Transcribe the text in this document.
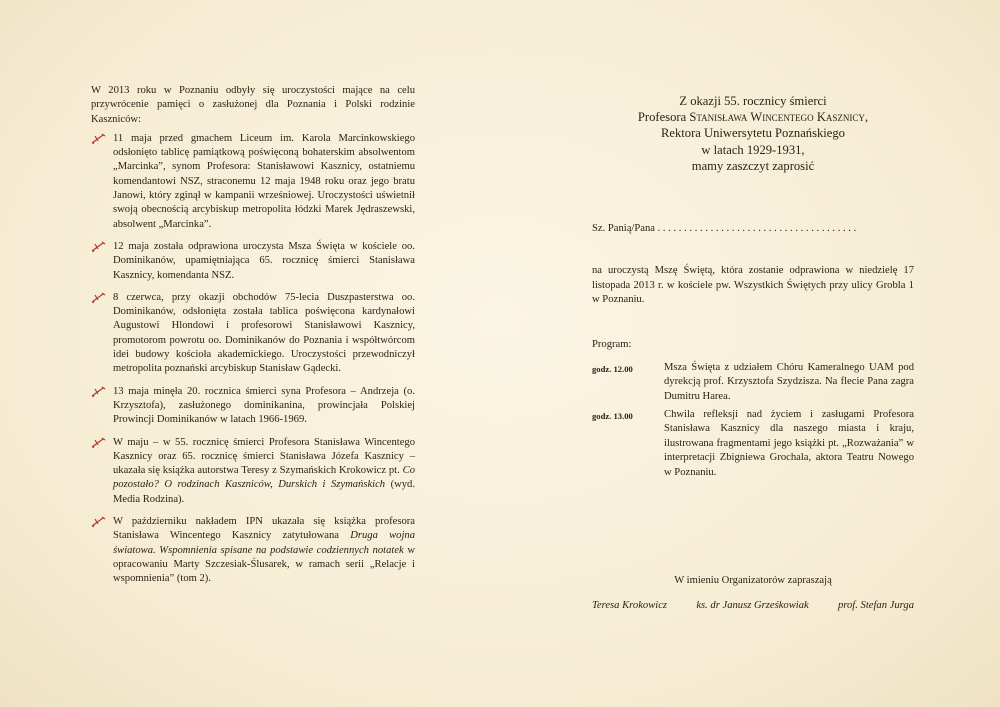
W 2013 roku w Poznaniu odbyły się uroczystości mające na celu przywrócenie pamięci o zasłużonej dla Poznania i Polski rodzinie Kaszniców:

11 maja przed gmachem Liceum im. Karola Marcinkowskiego odsłonięto tablicę pamiątkową poświęconą bohaterskim absolwentom „Marcinka”, synom Profesora: Stanisławowi Kasznicy, ostatniemu komendantowi NSZ, straconemu 12 maja 1948 roku oraz jego bratu Janowi, który zginął w kampanii wrześniowej. Uroczystości uświetnił swoją obecnością arcybiskup metropolita łódzki Marek Jędraszewski, absolwent „Marcinka”.
12 maja została odprawiona uroczysta Msza Święta w kościele oo. Dominikanów, upamiętniająca 65. rocznicę śmierci Stanisława Kasznicy, komendanta NSZ.
8 czerwca, przy okazji obchodów 75-lecia Duszpasterstwa oo. Dominikanów, odsłonięta została tablica poświęcona kardynałowi Augustowi Hlondowi i profesorowi Stanisławowi Kasznicy, promotorom powrotu oo. Dominikanów do Poznania i współtwórcom idei budowy kościoła akademickiego. Uroczystości przewodniczył metropolita poznański arcybiskup Stanisław Gądecki.
13 maja minęła 20. rocznica śmierci syna Profesora – Andrzeja (o. Krzysztofa), zasłużonego dominikanina, prowincjała Polskiej Prowincji Dominikanów w latach 1966-1969.
W maju – w 55. rocznicę śmierci Profesora Stanisława Wincentego Kasznicy oraz 65. rocznicę śmierci Stanisława Józefa Kasznicy – ukazała się książka autorstwa Teresy z Szymańskich Krokowicz pt. Co pozostało? O rodzinach Kaszniców, Durskich i Szymańskich (wyd. Media Rodzina).
W październiku nakładem IPN ukazała się książka profesora Stanisława Wincentego Kasznicy zatytułowana Druga wojna światowa. Wspomnienia spisane na podstawie codziennych notatek w opracowaniu Marty Szczesiak-Ślusarek, w ramach serii „Relacje i wspomnienia” (tom 2).
Z okazji 55. rocznicy śmierci
Profesora Stanisława Wincentego Kasznicy,
Rektora Uniwersytetu Poznańskiego
w latach 1929-1931,
mamy zaszczyt zaprosić
Sz. Panią/Pana . . . . . . . . . . . . . . . . . . . . . . . . . . . . . . . . . . . . . .
na uroczystą Mszę Świętą, która zostanie odprawiona w niedzielę 17 listopada 2013 r. w kościele pw. Wszystkich Świętych przy ulicy Grobla 1 w Poznaniu.
Program:
godz. 12.00	Msza Święta z udziałem Chóru Kameralnego UAM pod dyrekcją prof. Krzysztofa Szydzisza. Na flecie Pana zagra Dumitru Harea.
godz. 13.00	Chwila refleksji nad życiem i zasługami Profesora Stanisława Kasznicy dla naszego miasta i kraju, ilustrowana fragmentami jego książki pt. „Rozważania” w interpretacji Zbigniewa Grochala, aktora Teatru Nowego w Poznaniu.
W imieniu Organizatorów zapraszają
Teresa Krokowicz	ks. dr Janusz Grześkowiak	prof. Stefan Jurga
